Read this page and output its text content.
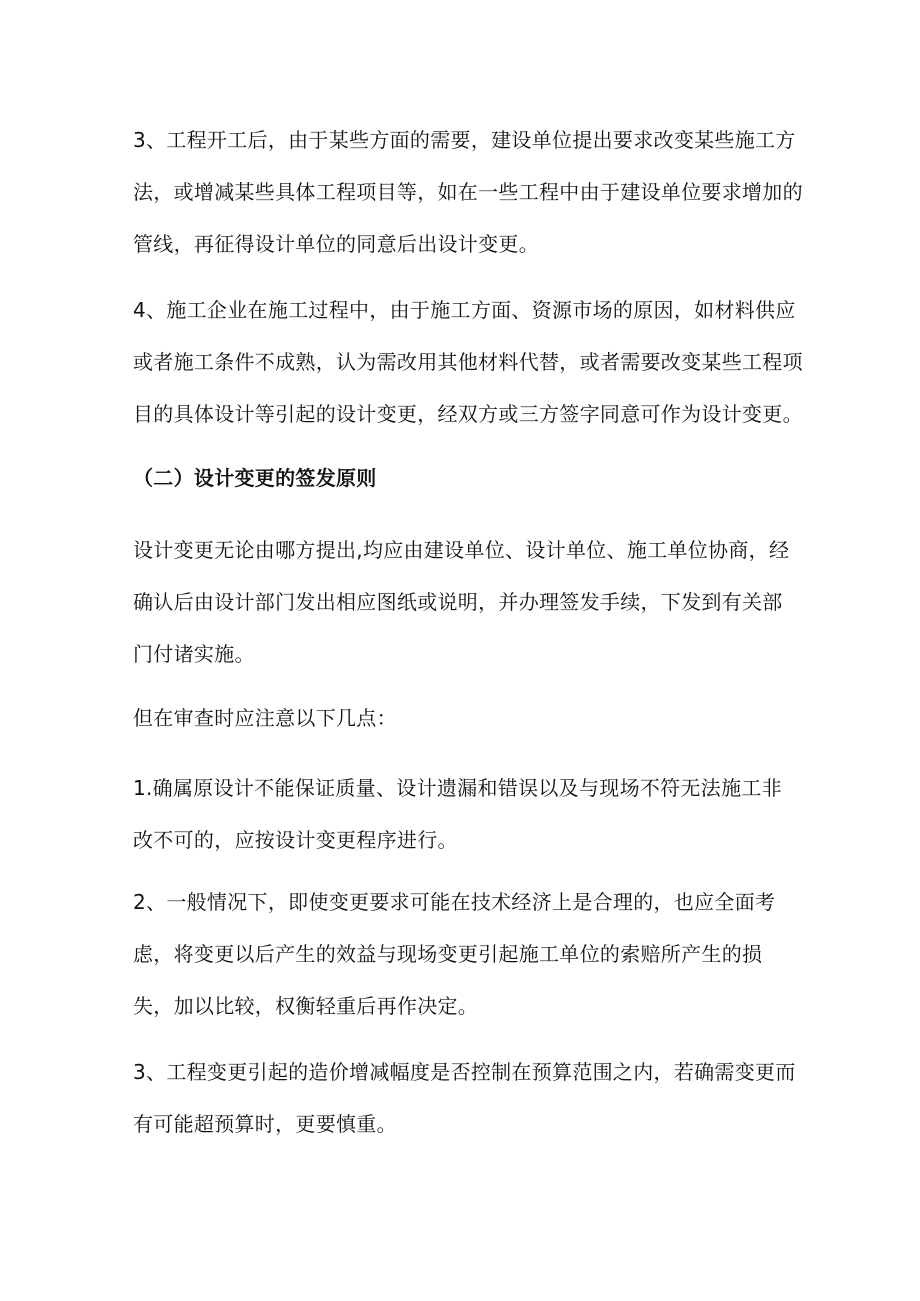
3、工程开工后，由于某些方面的需要，建设单位提出要求改变某些施工方
法，或增减某些具体工程项目等，如在一些工程中由于建设单位要求增加的
管线，再征得设计单位的同意后出设计变更。
4、施工企业在施工过程中，由于施工方面、资源市场的原因，如材料供应
或者施工条件不成熟，认为需改用其他材料代替，或者需要改变某些工程项
目的具体设计等引起的设计变更，经双方或三方签字同意可作为设计变更。
（二）设计变更的签发原则
设计变更无论由哪方提出,均应由建设单位、设计单位、施工单位协商，经
确认后由设计部门发出相应图纸或说明，并办理签发手续，下发到有关部
门付诸实施。
但在审查时应注意以下几点：
1.确属原设计不能保证质量、设计遗漏和错误以及与现场不符无法施工非
改不可的，应按设计变更程序进行。
2、一般情况下，即使变更要求可能在技术经济上是合理的，也应全面考
虑，将变更以后产生的效益与现场变更引起施工单位的索赔所产生的损
失，加以比较，权衡轻重后再作决定。
3、工程变更引起的造价增减幅度是否控制在预算范围之内，若确需变更而
有可能超预算时，更要慎重。
